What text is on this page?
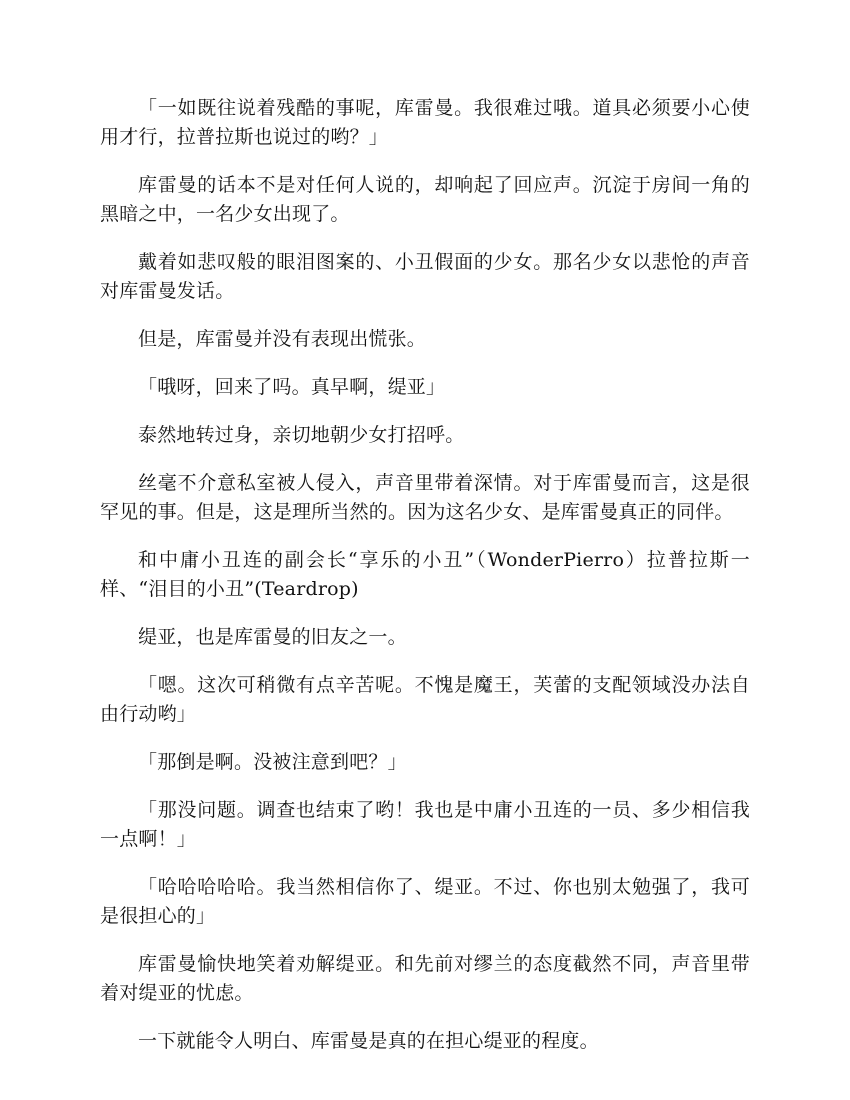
「一如既往说着残酷的事呢，库雷曼。我很难过哦。道具必须要小心使用才行，拉普拉斯也说过的哟？」

库雷曼的话本不是对任何人说的，却响起了回应声。沉淀于房间一角的黑暗之中，一名少女出现了。

戴着如悲叹般的眼泪图案的、小丑假面的少女。那名少女以悲怆的声音对库雷曼发话。

但是，库雷曼并没有表现出慌张。

「哦呀，回来了吗。真早啊，缇亚」

泰然地转过身，亲切地朝少女打招呼。

丝毫不介意私室被人侵入，声音里带着深情。对于库雷曼而言，这是很罕见的事。但是，这是理所当然的。因为这名少女、是库雷曼真正的同伴。

和中庸小丑连的副会长“享乐的小丑”（WonderPierro）拉普拉斯一样、“泪目的小丑”(Teardrop)

缇亚，也是库雷曼的旧友之一。

「嗯。这次可稍微有点辛苦呢。不愧是魔王，芙蕾的支配领域没办法自由行动哟」

「那倒是啊。没被注意到吧？」

「那没问题。调查也结束了哟！我也是中庸小丑连的一员、多少相信我一点啊！」

「哈哈哈哈哈。我当然相信你了、缇亚。不过、你也别太勉强了，我可是很担心的」

库雷曼愉快地笑着劝解缇亚。和先前对缪兰的态度截然不同，声音里带着对缇亚的忧虑。

一下就能令人明白、库雷曼是真的在担心缇亚的程度。
